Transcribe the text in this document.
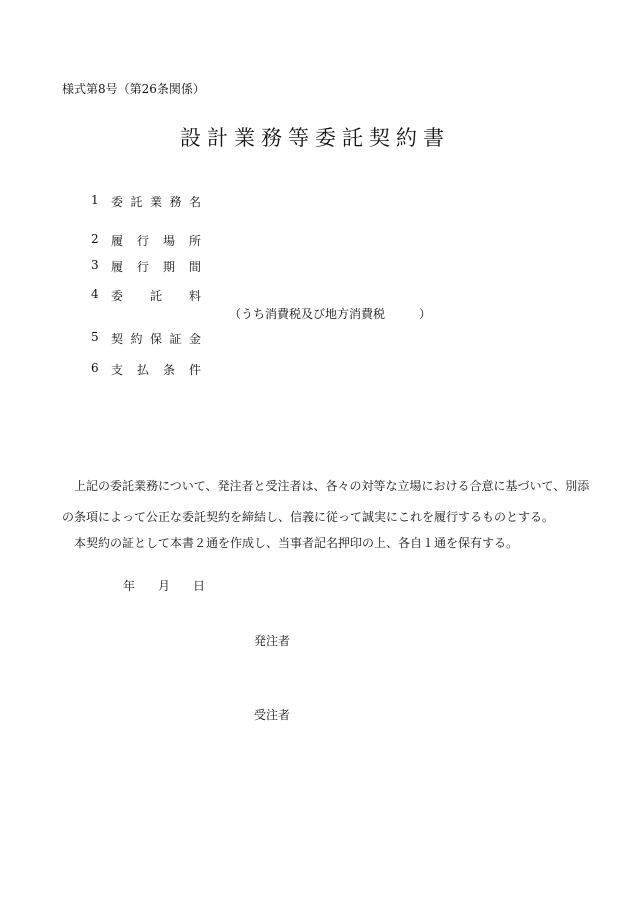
様式第8号（第26条関係）
設計業務等委託契約書
1 委 託 業 務 名
2 履 行 場 所
3 履 行 期 間
4 委 託 料
（うち消費税及び地方消費税	）
5 契 約 保 証 金
6 支 払 条 件
上記の委託業務について、発注者と受注者は、各々の対等な立場における合意に基づいて、別添
の条項によって公正な委託契約を締結し、信義に従って誠実にこれを履行するものとする。
本契約の証として本書２通を作成し、当事者記名押印の上、各自１通を保有する。
年 月 日
発注者
受注者
